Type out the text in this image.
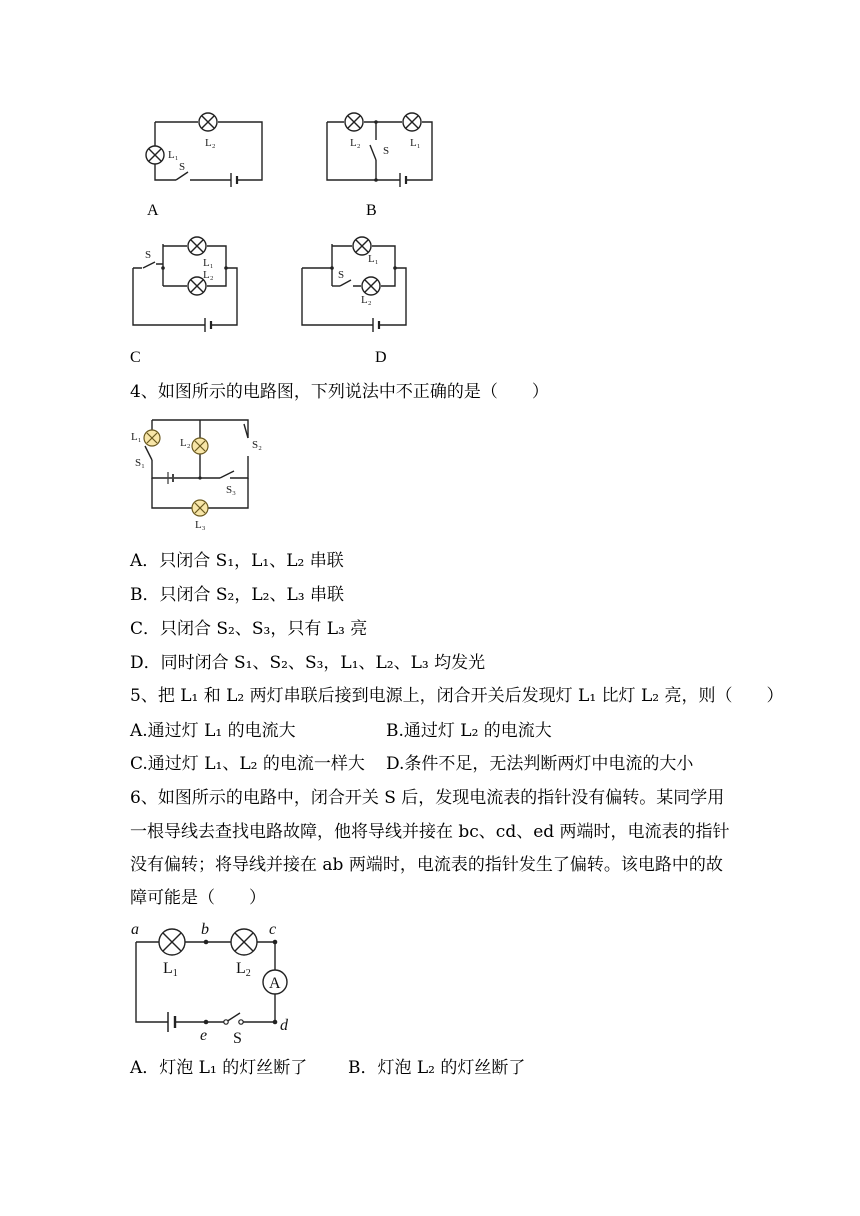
L₂
L₁
S
L₂
S
L₁
S
L₁
L₂	S
L₁
L₂
A	B
C	D
4、如图所示的电路图，下列说法中不正确的是（　　）
L₁	L₂	S₂
S₁
S₃
L₃
A．只闭合 S₁，L₁、L₂ 串联
B．只闭合 S₂，L₂、L₃ 串联
C．只闭合 S₂、S₃，只有 L₃ 亮
D．同时闭合 S₁、S₂、S₃，L₁、L₂、L₃ 均发光
5、把 L₁ 和 L₂ 两灯串联后接到电源上，闭合开关后发现灯 L₁ 比灯 L₂ 亮，则（　　）
A.通过灯 L₁ 的电流大	B.通过灯 L₂ 的电流大
C.通过灯 L₁、L₂ 的电流一样大 D.条件不足，无法判断两灯中电流的大小
6、如图所示的电路中，闭合开关 S 后，发现电流表的指针没有偏转。某同学用
一根导线去查找电路故障，他将导线并接在 bc、cd、ed 两端时，电流表的指针
没有偏转；将导线并接在 ab 两端时，电流表的指针发生了偏转。该电路中的故
障可能是（　　）
A
a	b	c
d
e
L1	L2
S
A．灯泡 L₁ 的灯丝断了 B．灯泡 L₂ 的灯丝断了
